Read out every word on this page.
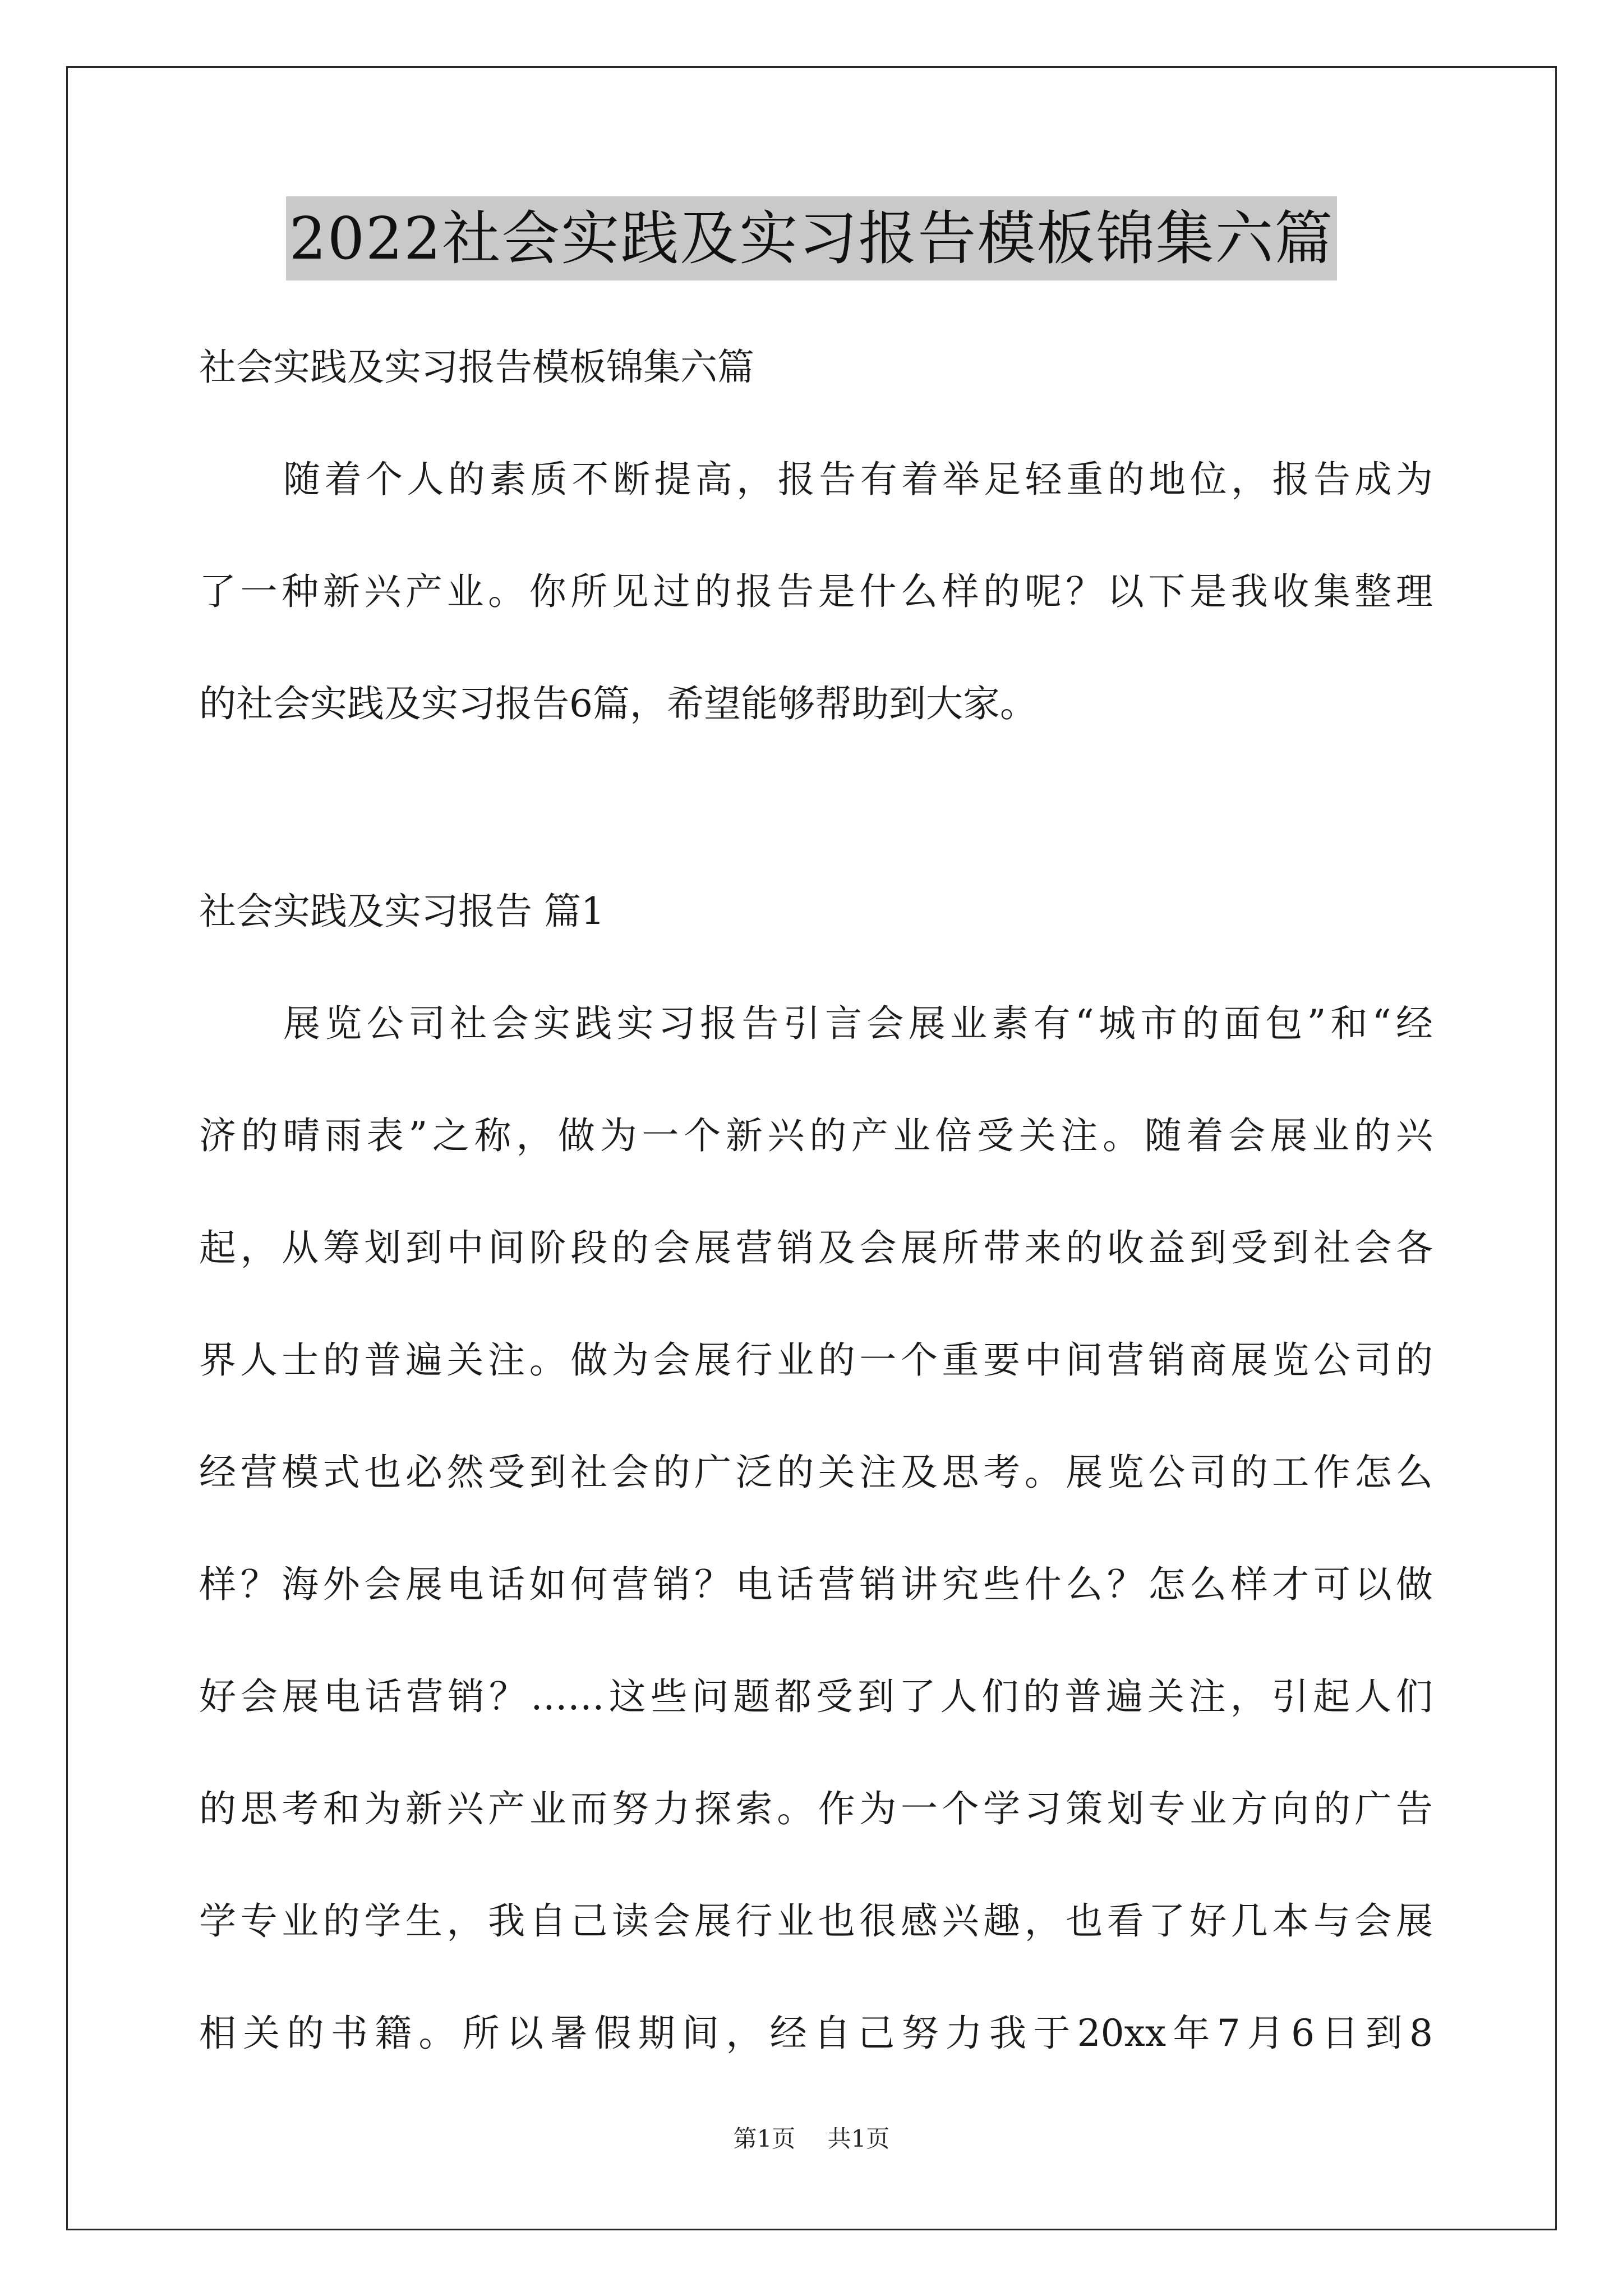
2022社会实践及实习报告模板锦集六篇
社会实践及实习报告模板锦集六篇
随着个人的素质不断提高，报告有着举足轻重的地位，报告成为
了一种新兴产业。你所见过的报告是什么样的呢？以下是我收集整理
的社会实践及实习报告6篇，希望能够帮助到大家。
社会实践及实习报告 篇1
展览公司社会实践实习报告引言会展业素有“城市的面包”和“经
济的晴雨表”之称，做为一个新兴的产业倍受关注。随着会展业的兴
起，从筹划到中间阶段的会展营销及会展所带来的收益到受到社会各
界人士的普遍关注。做为会展行业的一个重要中间营销商展览公司的
经营模式也必然受到社会的广泛的关注及思考。展览公司的工作怎么
样？海外会展电话如何营销？电话营销讲究些什么？怎么样才可以做
好会展电话营销？……这些问题都受到了人们的普遍关注，引起人们
的思考和为新兴产业而努力探索。作为一个学习策划专业方向的广告
学专业的学生，我自己读会展行业也很感兴趣，也看了好几本与会展
相关的书籍。所以暑假期间，经自己努力我于20xx年7月6日到8
第1页 共1页
